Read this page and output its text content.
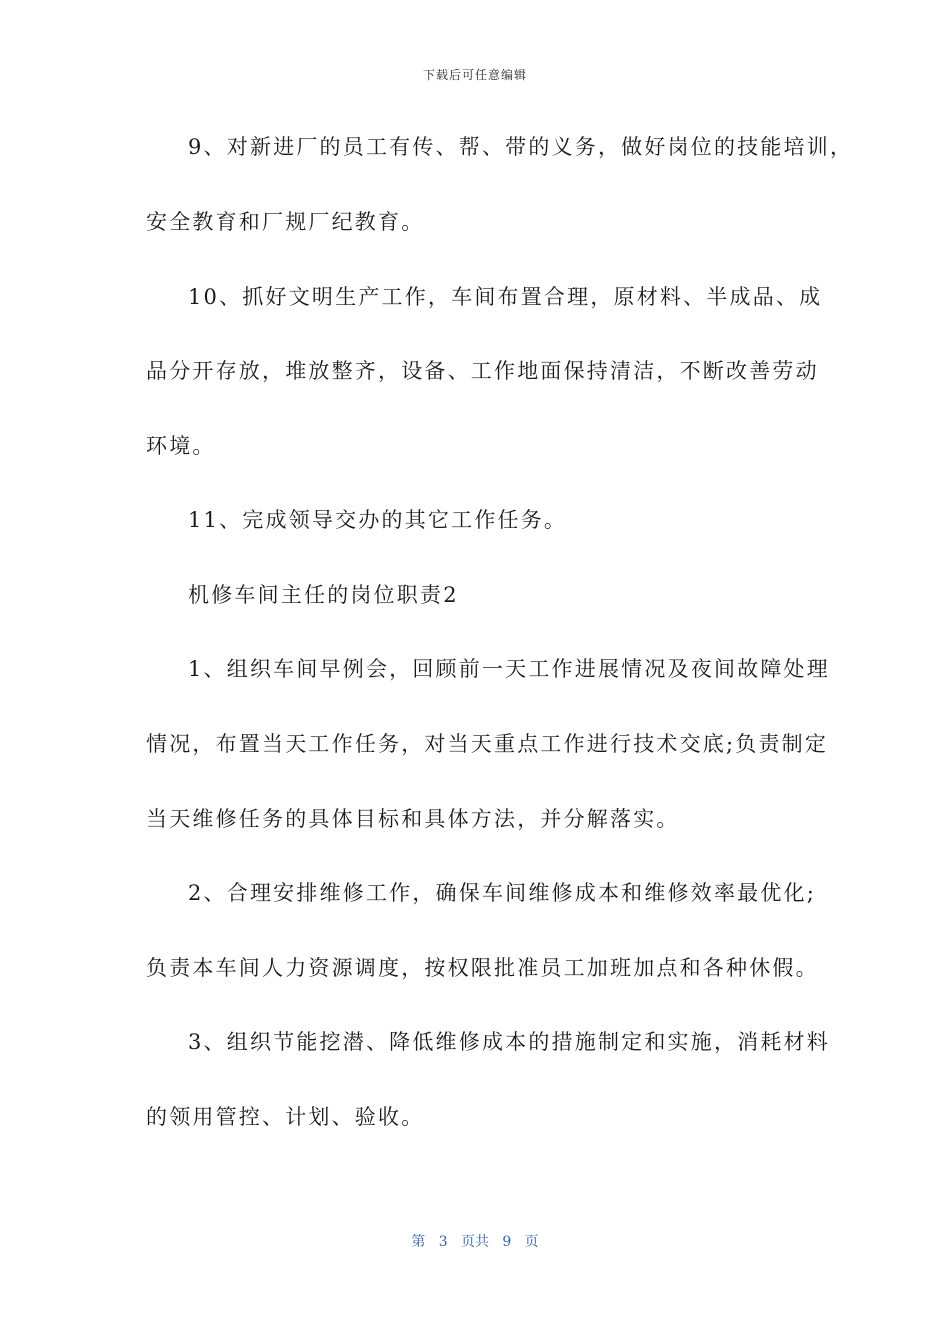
下载后可任意编辑
9、对新进厂的员工有传、帮、带的义务，做好岗位的技能培训，
安全教育和厂规厂纪教育。
10、抓好文明生产工作，车间布置合理，原材料、半成品、成
品分开存放，堆放整齐，设备、工作地面保持清洁，不断改善劳动
环境。
11、完成领导交办的其它工作任务。
机修车间主任的岗位职责2
1、组织车间早例会，回顾前一天工作进展情况及夜间故障处理
情况，布置当天工作任务，对当天重点工作进行技术交底;负责制定
当天维修任务的具体目标和具体方法，并分解落实。
2、合理安排维修工作，确保车间维修成本和维修效率最优化;
负责本车间人力资源调度，按权限批准员工加班加点和各种休假。
3、组织节能挖潜、降低维修成本的措施制定和实施，消耗材料
的领用管控、计划、验收。
第 3 页共 9 页
